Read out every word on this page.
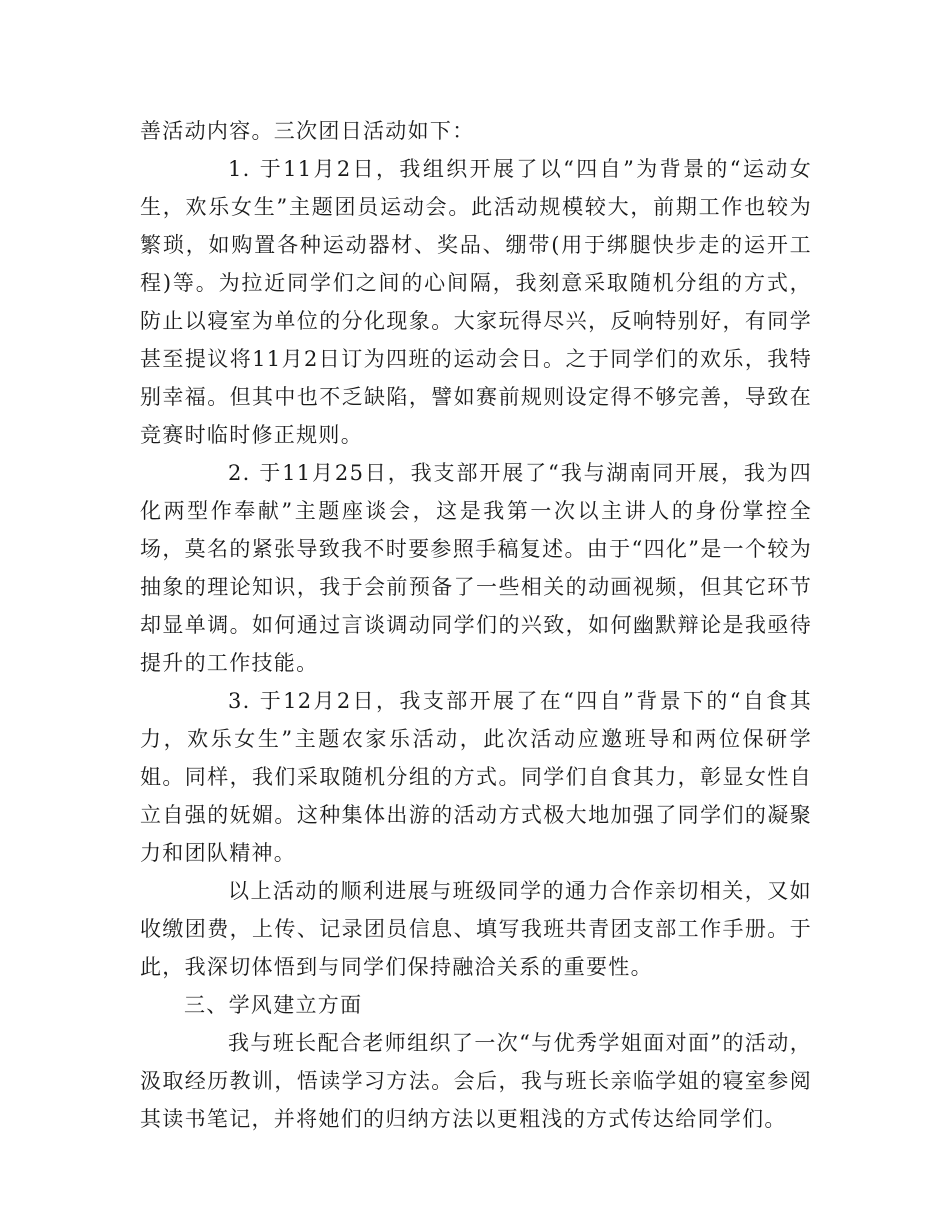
善活动内容。三次团日活动如下：

1. 于11月2日，我组织开展了以“四自”为背景的“运动女生，欢乐女生”主题团员运动会。此活动规模较大，前期工作也较为繁琐，如购置各种运动器材、奖品、绷带(用于绑腿快步走的运开工程)等。为拉近同学们之间的心间隔，我刻意采取随机分组的方式，防止以寝室为单位的分化现象。大家玩得尽兴，反响特别好，有同学甚至提议将11月2日订为四班的运动会日。之于同学们的欢乐，我特别幸福。但其中也不乏缺陷，譬如赛前规则设定得不够完善，导致在竞赛时临时修正规则。

2. 于11月25日，我支部开展了“我与湖南同开展，我为四化两型作奉献”主题座谈会，这是我第一次以主讲人的身份掌控全场，莫名的紧张导致我不时要参照手稿复述。由于“四化”是一个较为抽象的理论知识，我于会前预备了一些相关的动画视频，但其它环节却显单调。如何通过言谈调动同学们的兴致，如何幽默辩论是我亟待提升的工作技能。

3. 于12月2日，我支部开展了在“四自”背景下的“自食其力，欢乐女生”主题农家乐活动，此次活动应邀班导和两位保研学姐。同样，我们采取随机分组的方式。同学们自食其力，彰显女性自立自强的妩媚。这种集体出游的活动方式极大地加强了同学们的凝聚力和团队精神。

以上活动的顺利进展与班级同学的通力合作亲切相关，又如收缴团费，上传、记录团员信息、填写我班共青团支部工作手册。于此，我深切体悟到与同学们保持融洽关系的重要性。

三、学风建立方面

我与班长配合老师组织了一次“与优秀学姐面对面”的活动，汲取经历教训，悟读学习方法。会后，我与班长亲临学姐的寝室参阅其读书笔记，并将她们的归纳方法以更粗浅的方式传达给同学们。
